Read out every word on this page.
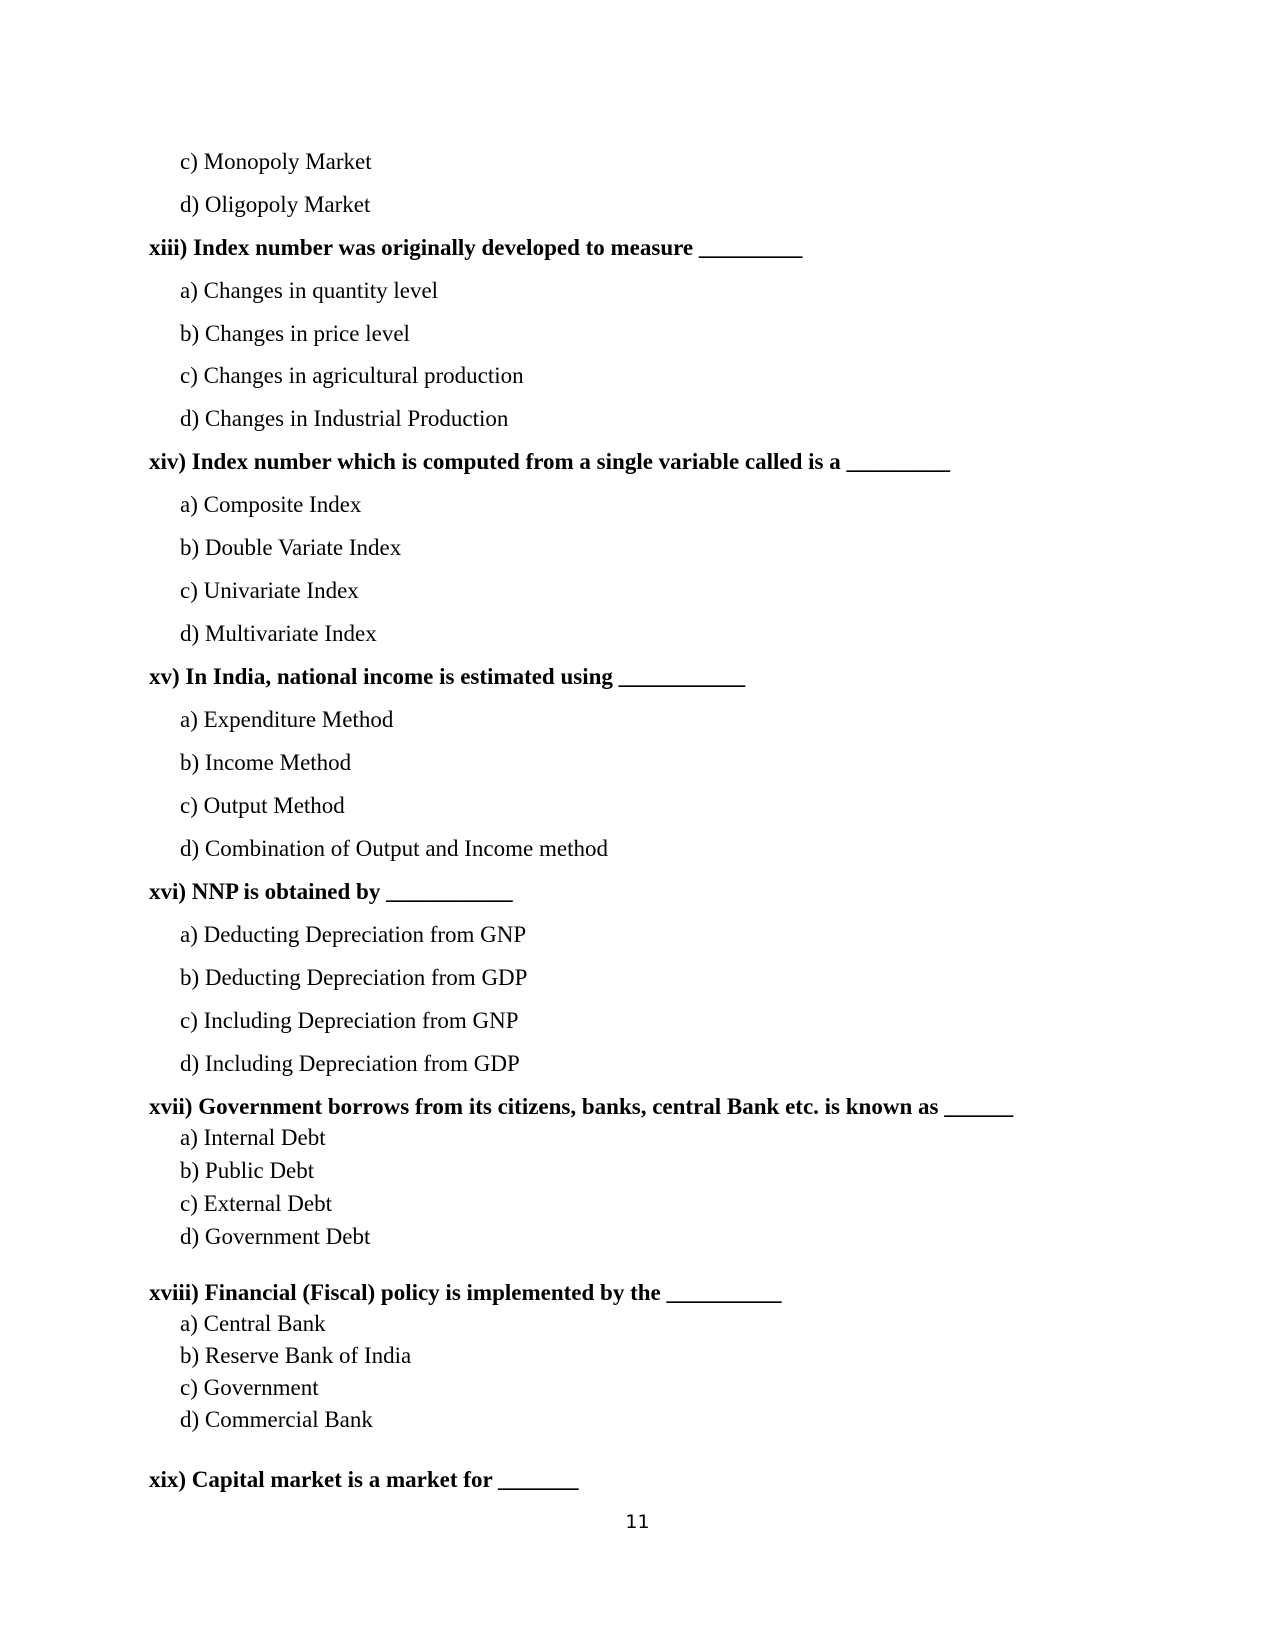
c) Monopoly Market
d) Oligopoly Market
xiii) Index number was originally developed to measure _________
a) Changes in quantity level
b) Changes in price level
c) Changes in agricultural production
d) Changes in Industrial Production
xiv) Index number which is computed from a single variable called is a _________
a) Composite Index
b) Double Variate Index
c) Univariate Index
d) Multivariate Index
xv) In India, national income is estimated using ___________
a) Expenditure Method
b) Income Method
c) Output Method
d) Combination of Output and Income method
xvi) NNP is obtained by ___________
a) Deducting Depreciation from GNP
b) Deducting Depreciation from GDP
c) Including Depreciation from GNP
d) Including Depreciation from GDP
xvii) Government borrows from its citizens, banks, central Bank etc. is known as ______
a) Internal Debt
b) Public Debt
c) External Debt
d) Government Debt
xviii) Financial (Fiscal) policy is implemented by the __________
a) Central Bank
b) Reserve Bank of India
c) Government
d) Commercial Bank
xix) Capital market is a market for _______
11
